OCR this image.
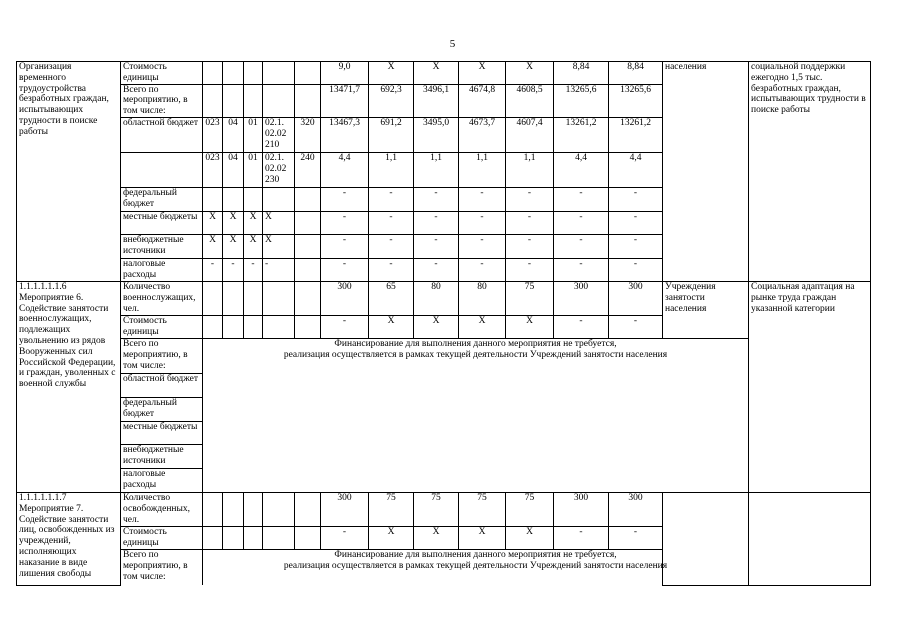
5
Организация временного трудоустройства безработных граждан, испытывающих трудности в поиске работы	Стоимость единицы						9,0	X	X	X	X	8,84	8,84	населения	социальной поддержки ежегодно 1,5 тыс. безработных граждан, испытывающих трудности в поиске работы
	Всего по мероприятию, в том числе:						13471,7	692,3	3496,1	4674,8	4608,5	13265,6	13265,6		
	областной бюджет	023	04	01	02.1. 02.02 210	320	13467,3	691,2	3495,0	4673,7	4607,4	13261,2	13261,2		
		023	04	01	02.1. 02.02 230	240	4,4	1,1	1,1	1,1	1,1	4,4	4,4		
	федеральный бюджет						-	-	-	-	-	-	-		
	местные бюджеты	X	X	X	X		-	-	-	-	-	-	-		
	внебюджетные источники	X	X	X	X		-	-	-	-	-	-	-		
	налоговые расходы	-	-	-	-		-	-	-	-	-	-	-		
1.1.1.1.1.1.6 Мероприятие 6. Содействие занятости военнослужащих, подлежащих увольнению из рядов Вооруженных сил Российской Федерации, и граждан, уволенных с военной службы	Количество военнослужащих, чел.						300	65	80	80	75	300	300	Учреждения занятости населения	Социальная адаптация на рынке труда граждан указанной категории
	Стоимость единицы						-	X	X	X	X	-	-		
	Всего по мероприятию, в том числе:	Финансирование для выполнения данного мероприятия не требуется,
реализация осуществляется в рамках текущей деятельности Учреждений занятости населения													
	областной бюджет														
	федеральный бюджет														
	местные бюджеты														
	внебюджетные источники														
	налоговые расходы														
1.1.1.1.1.1.7 Мероприятие 7. Содействие занятости лиц, освобожденных из учреждений, исполняющих наказание в виде лишения свободы	Количество освобожденных, чел.						300	75	75	75	75	300	300		
	Стоимость единицы						-	X	X	X	X	-	-		
	Всего по мероприятию, в том числе:	Финансирование для выполнения данного мероприятия не требуется,
реализация осуществляется в рамках текущей деятельности Учреждений занятости населения													
